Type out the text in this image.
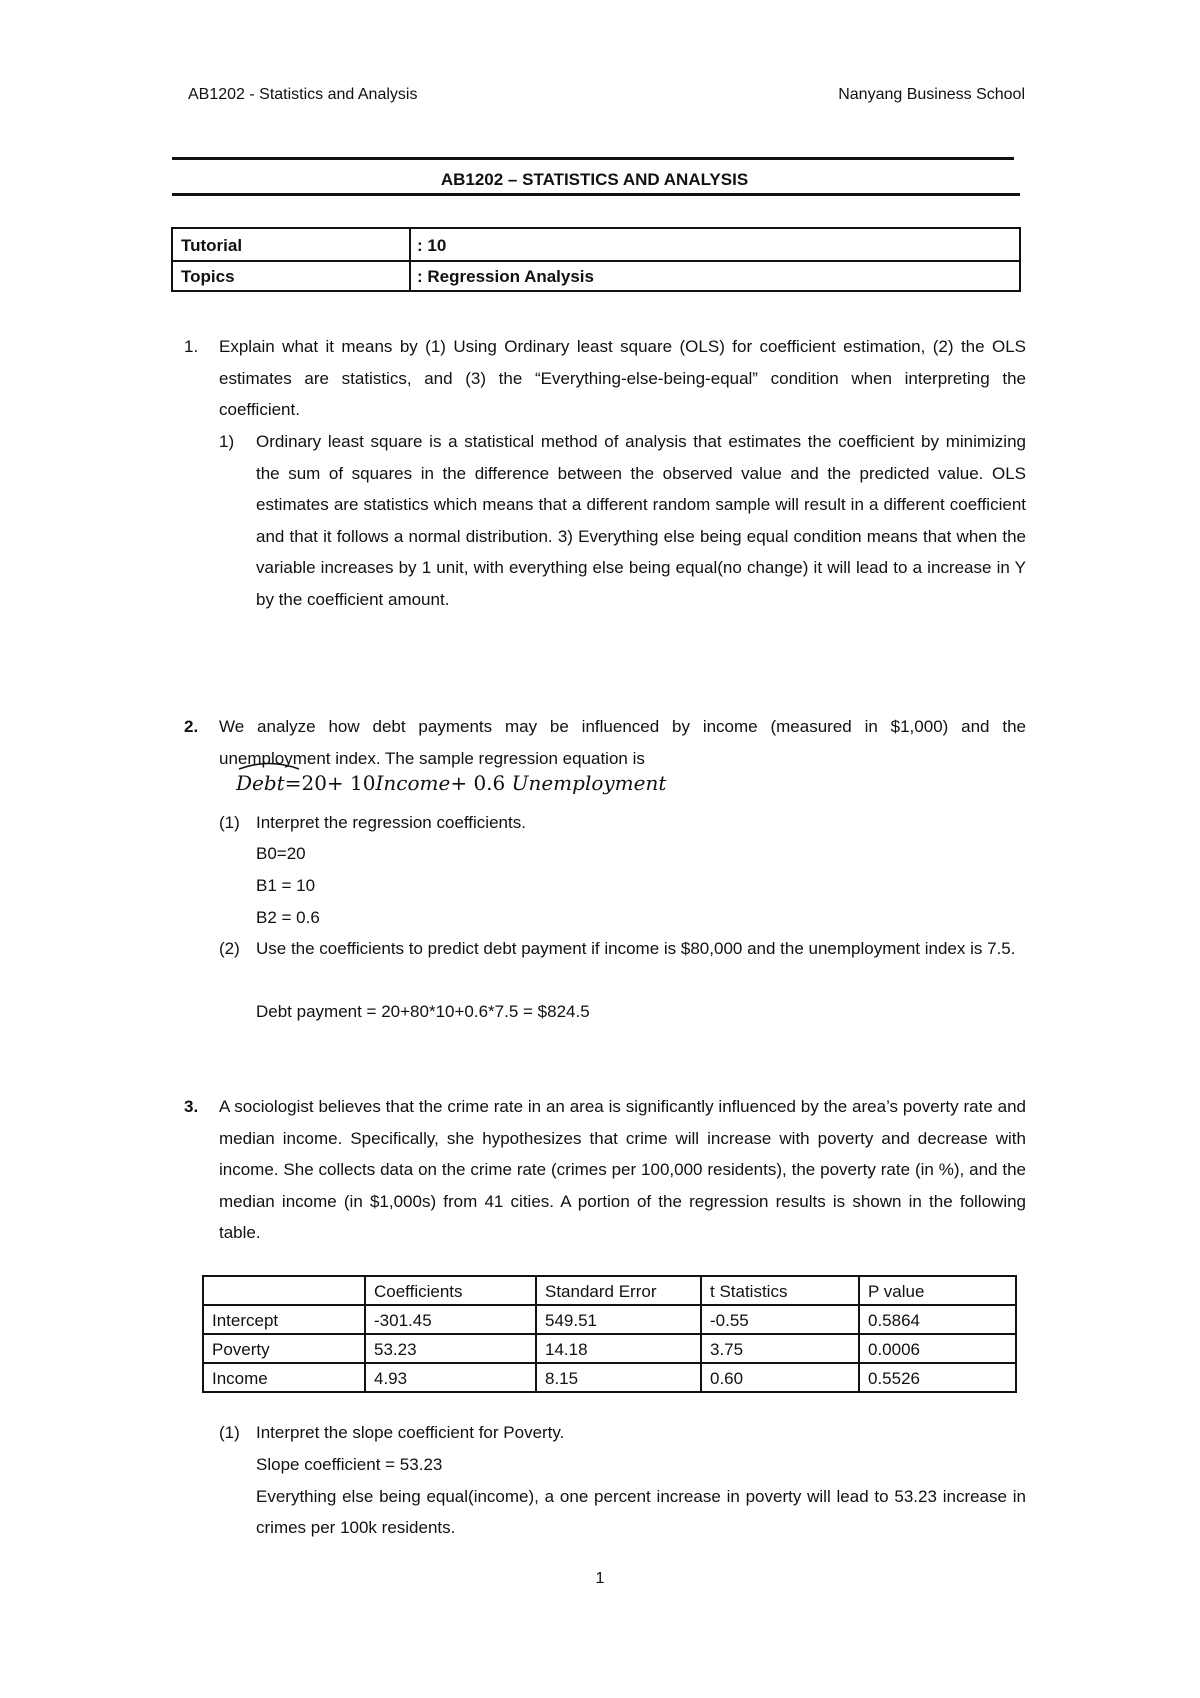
AB1202 - Statistics and Analysis	Nanyang Business School
AB1202 – STATISTICS AND ANALYSIS
Tutorial	: 10
Topics	: Regression Analysis
1. Explain what it means by (1) Using Ordinary least square (OLS) for coefficient estimation, (2) the OLS estimates are statistics, and (3) the “Everything-else-being-equal” condition when interpreting the coefficient.
1) Ordinary least square is a statistical method of analysis that estimates the coefficient by minimizing the sum of squares in the difference between the observed value and the predicted value. OLS estimates are statistics which means that a different random sample will result in a different coefficient and that it follows a normal distribution. 3) Everything else being equal condition means that when the variable increases by 1 unit, with everything else being equal(no change) it will lead to a increase in Y by the coefficient amount.
2. We analyze how debt payments may be influenced by income (measured in $1,000) and the unemployment index. The sample regression equation is
Debt=20+ 10Income+ 0.6 Unemployment
(1) Interpret the regression coefficients.
B0=20
B1 = 10
B2 = 0.6
(2) Use the coefficients to predict debt payment if income is $80,000 and the unemployment index is 7.5.
Debt payment = 20+80*10+0.6*7.5 = $824.5
3. A sociologist believes that the crime rate in an area is significantly influenced by the area’s poverty rate and median income. Specifically, she hypothesizes that crime will increase with poverty and decrease with income. She collects data on the crime rate (crimes per 100,000 residents), the poverty rate (in %), and the median income (in $1,000s) from 41 cities. A portion of the regression results is shown in the following table.
	Coefficients	Standard Error	t Statistics	P value
Intercept	-301.45	549.51	-0.55	0.5864
Poverty	53.23	14.18	3.75	0.0006
Income	4.93	8.15	0.60	0.5526
(1) Interpret the slope coefficient for Poverty.
Slope coefficient = 53.23
Everything else being equal(income), a one percent increase in poverty will lead to 53.23 increase in crimes per 100k residents.
1
